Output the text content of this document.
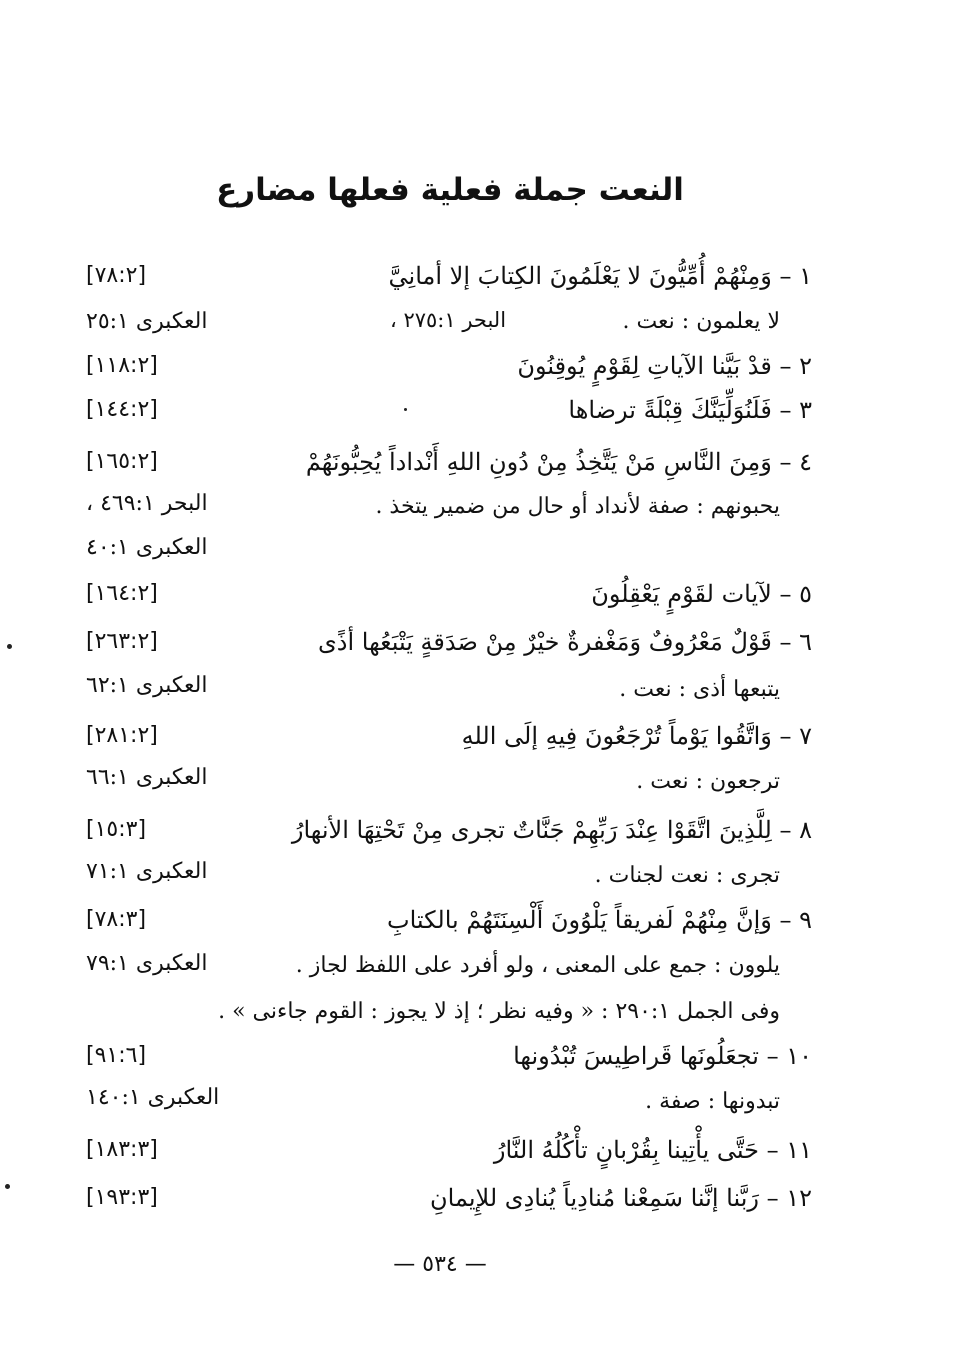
النعت جملة فعلية فعلها مضارع
١ – وَمِنْهُمْ أُمِّيُّونَ لا يَعْلَمُونَ الكِتابَ إلا أمانِيَّ
[٧٨:٢]
لا يعلمون : نعت .
البحر ٢٧٥:١ ،
العكبرى ٢٥:١
٢ – قدْ بَيَّنا الآياتِ لِقَوْمٍ يُوقِنُونَ
[١١٨:٢]
٣ – فَلَنُوَلِّيَنَّكَ قِبْلَةً ترضاها
[١٤٤:٢]
٤ – وَمِنَ النَّاسِ مَنْ يَتَّخِذُ مِنْ دُونِ اللهِ أَنْداداً يُحِبُّونَهُمْ
[١٦٥:٢]
يحبونهم : صفة لأنداد أو حال من ضمير يتخذ .
البحر ٤٦٩:١ ،
العكبرى ٤٠:١
٥ – لآيات لقَوْمٍ يَعْقِلُونَ
[١٦٤:٢]
٦ – قَوْلٌ مَعْرُوفٌ وَمَغْفرةٌ خيْرٌ مِنْ صَدَقةٍ يَتْبَعُها أذًى
[٢٦٣:٢]
يتبعها أذى : نعت .
العكبرى ٦٢:١
٧ – وَاتَّقُوا يَوْماً تُرْجَعُونَ فِيهِ إلَى اللهِ
[٢٨١:٢]
ترجعون : نعت .
العكبرى ٦٦:١
٨ – لِلَّذِينَ اتَّقَوْا عِنْدَ رَبِّهِمْ جَنَّاتٌ تجرى مِنْ تَحْتِهَا الأنهارُ
[١٥:٣]
تجرى : نعت لجنات .
العكبرى ٧١:١
٩ – وَإنَّ مِنْهُمْ لَفريقاً يَلْوُونَ أَلْسِنَتَهُمْ بالكتابِ
[٧٨:٣]
يلوون : جمع على المعنى ، ولو أفرد على اللفظ لجاز .
العكبرى ٧٩:١
وفى الجمل ٢٩٠:١ : « وفيه نظر ؛ إذ لا يجوز : القوم جاءنى » .
١٠ – تجعَلُونَها قَراطِيسَ تُبْدُونها
[٩١:٦]
تبدونها : صفة .
العكبرى ١٤٠:١
١١ – حَتَّى يأْتِينا بِقُرْبانٍ تأْكُلُهُ النَّارُ
[١٨٣:٣]
١٢ – رَبَّنا إنَّنا سَمِعْنا مُنادِياً يُنادِى للإِيمانِ
[١٩٣:٣]
— ٥٣٤ —
